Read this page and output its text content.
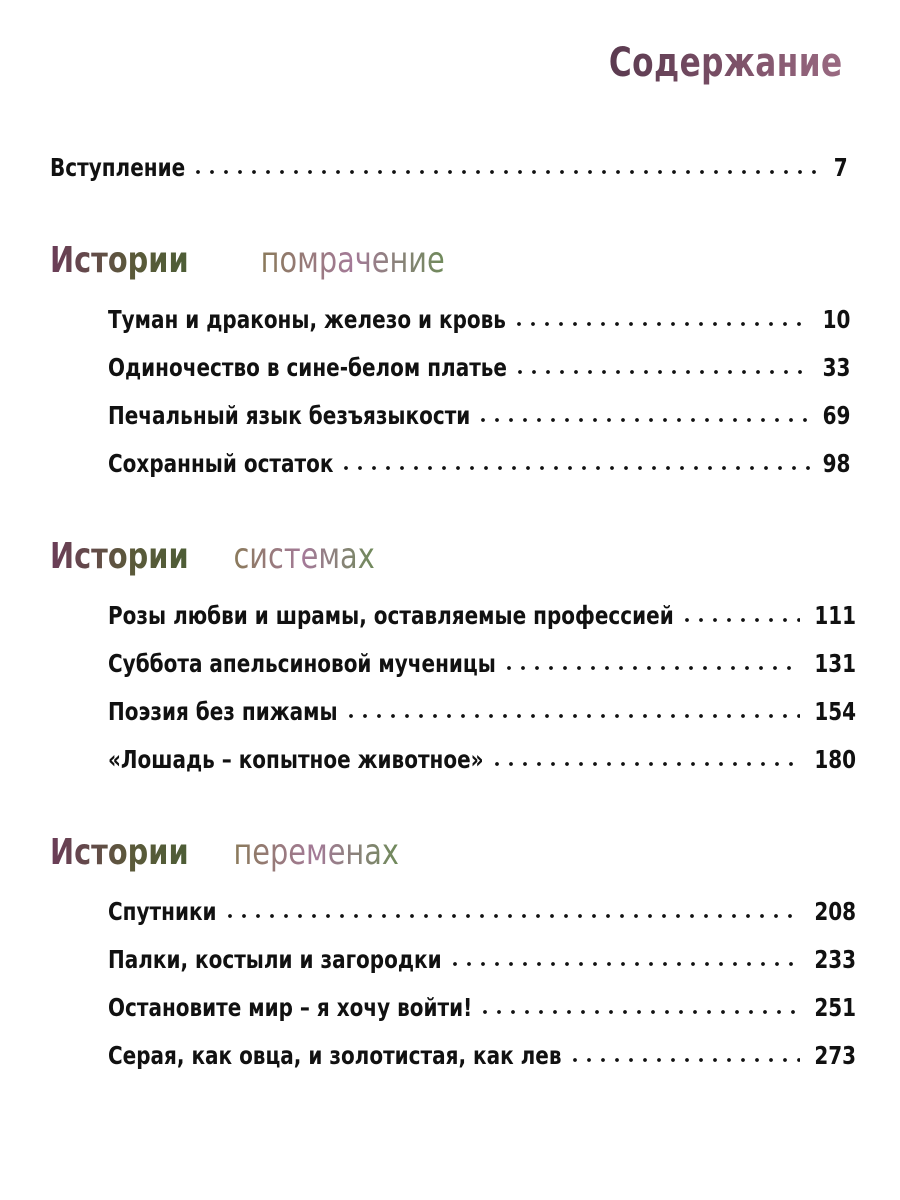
Содержание
Вступление	7
Истории помрачение
Туман и драконы, железо и кровь	10
Одиночество в сине-белом платье	33
Печальный язык безъязыкости	69
Сохранный остаток	98
Истории системах
Розы любви и шрамы, оставляемые профессией	111
Суббота апельсиновой мученицы	131
Поэзия без пижамы	154
«Лошадь – копытное животное»	180
Истории переменах
Спутники	208
Палки, костыли и загородки	233
Остановите мир – я хочу войти!	251
Серая, как овца, и золотистая, как лев	273
